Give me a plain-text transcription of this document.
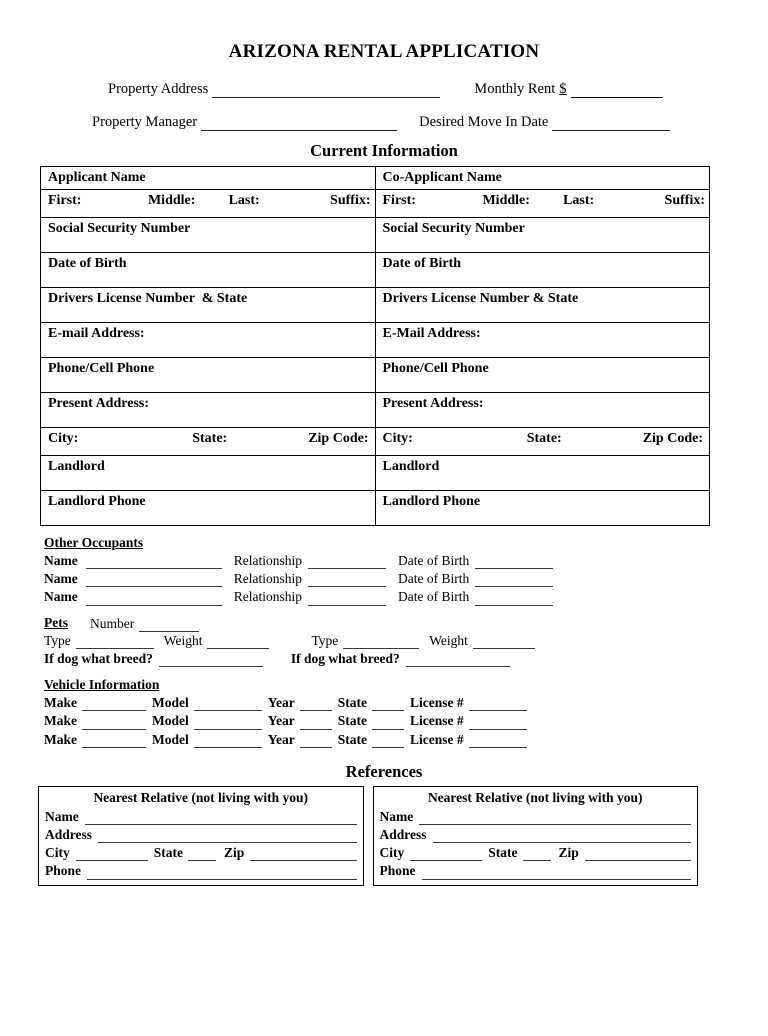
ARIZONA RENTAL APPLICATION
Property Address	Monthly Rent $
Property Manager	Desired Move In Date
Current Information
Applicant Name	Co-Applicant Name

First: Middle: Last: Suffix:	First: Middle: Last: Suffix:

Social Security Number	Social Security Number
Date of Birth	Date of Birth
Drivers License Number  & State	Drivers License Number & State
E-mail Address:	E-Mail Address:
Phone/Cell Phone	Phone/Cell Phone
Present Address:	Present Address:

City: State: Zip Code:	City: State: Zip Code:

Landlord	Landlord
Landlord Phone	Landlord Phone
Other Occupants
Name	Relationship	Date of Birth
Name	Relationship	Date of Birth
Name	Relationship	Date of Birth
Pets Number
Type	Weight	Type	Weight
If dog what breed?	If dog what breed?
Vehicle Information
Make	Model	Year	State	License #
Make	Model	Year	State	License #
Make	Model	Year	State	License #
References
Nearest Relative (not living with you)
Name
Address
City	State	Zip
Phone
Nearest Relative (not living with you)
Name
Address
City	State	Zip
Phone
